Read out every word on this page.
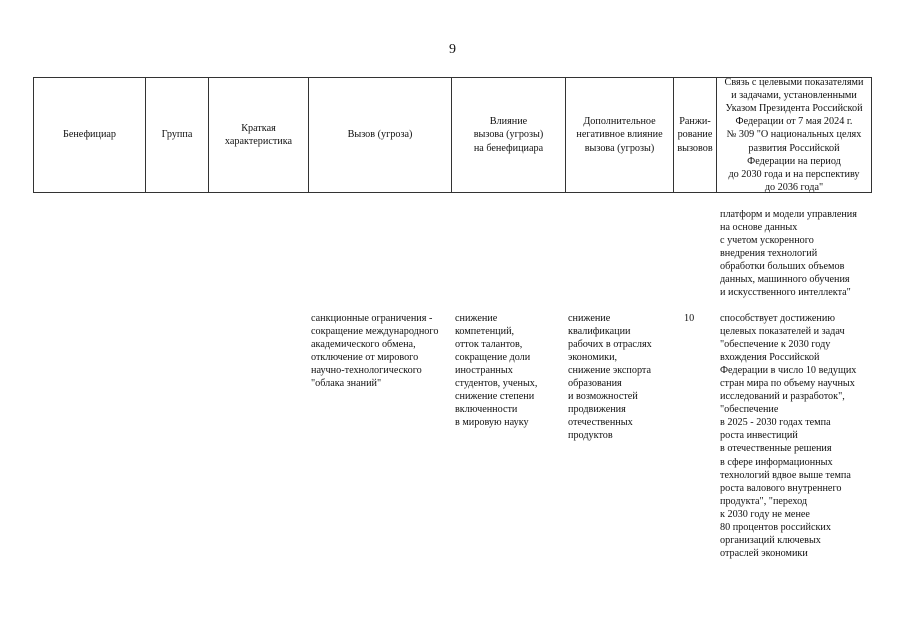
9
Бенефициар	Группа
Краткая
характеристика
Вызов (угроза)
Влияние
вызова (угрозы)
на бенефициара
Дополнительное
негативное влияние
вызова (угрозы)
Ранжи-
рование
вызовов
Связь с целевыми показателями
и задачами, установленными
Указом Президента Российской
Федерации от 7 мая 2024 г.
№ 309 "О национальных целях
развития Российской
Федерации на период
до 2030 года и на перспективу
до 2036 года"
платформ и модели управления
на основе данных
с учетом ускоренного
внедрения технологий
обработки больших объемов
данных, машинного обучения
и искусственного интеллекта"
санкционные ограничения -
сокращение международного
академического обмена,
отключение от мирового
научно-технологического
"облака знаний"
снижение
компетенций,
отток талантов,
сокращение доли
иностранных
студентов, ученых,
снижение степени
включенности
в мировую науку
снижение
квалификации
рабочих в отраслях
экономики,
снижение экспорта
образования
и возможностей
продвижения
отечественных
продуктов
10	способствует достижению
целевых показателей и задач
"обеспечение к 2030 году
вхождения Российской
Федерации в число 10 ведущих
стран мира по объему научных
исследований и разработок",
"обеспечение
в 2025 - 2030 годах темпа
роста инвестиций
в отечественные решения
в сфере информационных
технологий вдвое выше темпа
роста валового внутреннего
продукта", "переход
к 2030 году не менее
80 процентов российских
организаций ключевых
отраслей экономики
